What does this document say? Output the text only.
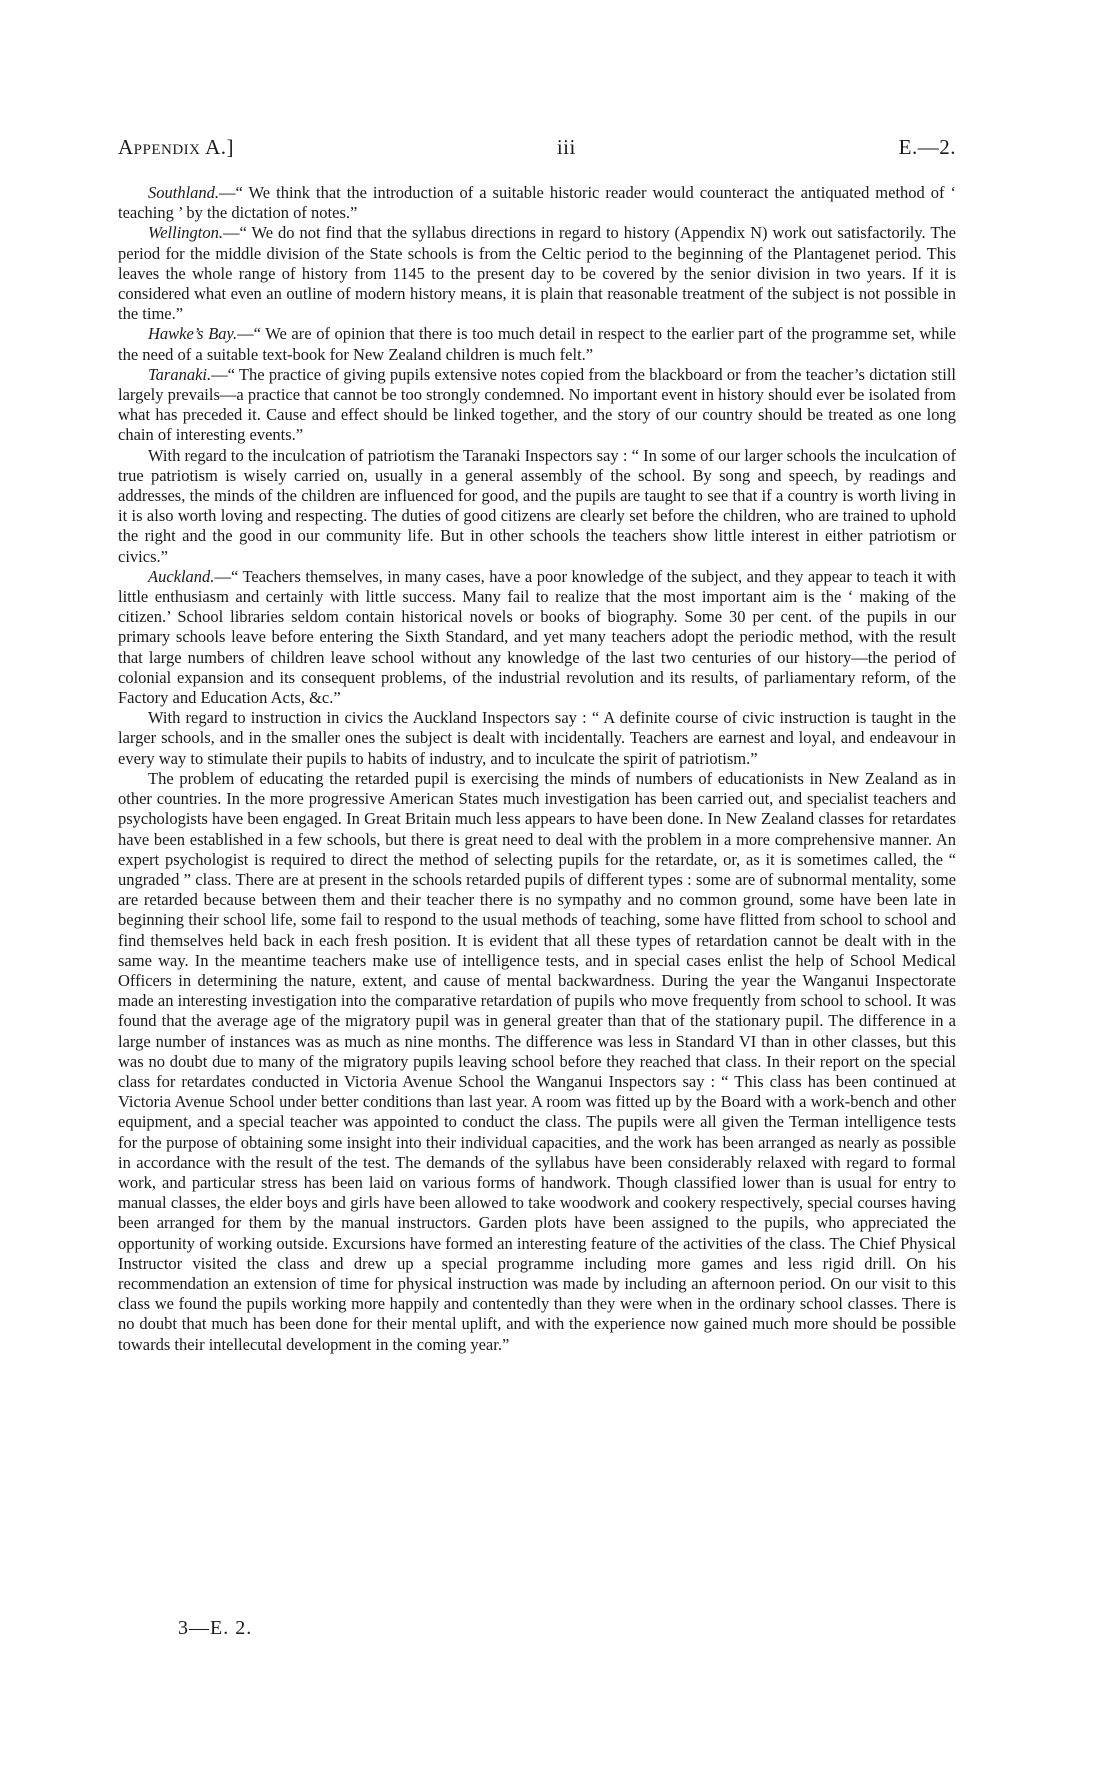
Appendix A.]	iii	E.—2.

Southland.—“ We think that the introduction of a suitable historic reader would counteract the antiquated method of ‘ teaching ’ by the dictation of notes.”

Wellington.—“ We do not find that the syllabus directions in regard to history (Appendix N) work out satisfactorily. The period for the middle division of the State schools is from the Celtic period to the beginning of the Plantagenet period. This leaves the whole range of history from 1145 to the present day to be covered by the senior division in two years. If it is considered what even an outline of modern history means, it is plain that reasonable treatment of the subject is not possible in the time.”

Hawke’s Bay.—“ We are of opinion that there is too much detail in respect to the earlier part of the programme set, while the need of a suitable text-book for New Zealand children is much felt.”

Taranaki.—“ The practice of giving pupils extensive notes copied from the blackboard or from the teacher’s dictation still largely prevails—a practice that cannot be too strongly condemned. No important event in history should ever be isolated from what has preceded it. Cause and effect should be linked together, and the story of our country should be treated as one long chain of interesting events.”

With regard to the inculcation of patriotism the Taranaki Inspectors say : “ In some of our larger schools the inculcation of true patriotism is wisely carried on, usually in a general assembly of the school. By song and speech, by readings and addresses, the minds of the children are influenced for good, and the pupils are taught to see that if a country is worth living in it is also worth loving and respecting. The duties of good citizens are clearly set before the children, who are trained to uphold the right and the good in our community life. But in other schools the teachers show little interest in either patriotism or civics.”

Auckland.—“ Teachers themselves, in many cases, have a poor knowledge of the subject, and they appear to teach it with little enthusiasm and certainly with little success. Many fail to realize that the most important aim is the ‘ making of the citizen.’ School libraries seldom contain historical novels or books of biography. Some 30 per cent. of the pupils in our primary schools leave before entering the Sixth Standard, and yet many teachers adopt the periodic method, with the result that large numbers of children leave school without any knowledge of the last two centuries of our history—the period of colonial expansion and its consequent problems, of the industrial revolution and its results, of parliamentary reform, of the Factory and Education Acts, &c.”

With regard to instruction in civics the Auckland Inspectors say : “ A definite course of civic instruction is taught in the larger schools, and in the smaller ones the subject is dealt with incidentally. Teachers are earnest and loyal, and endeavour in every way to stimulate their pupils to habits of industry, and to inculcate the spirit of patriotism.”

The problem of educating the retarded pupil is exercising the minds of numbers of educationists in New Zealand as in other countries. In the more progressive American States much investigation has been carried out, and specialist teachers and psychologists have been engaged. In Great Britain much less appears to have been done. In New Zealand classes for retardates have been established in a few schools, but there is great need to deal with the problem in a more comprehensive manner. An expert psychologist is required to direct the method of selecting pupils for the retardate, or, as it is sometimes called, the “ ungraded ” class. There are at present in the schools retarded pupils of different types : some are of subnormal mentality, some are retarded because between them and their teacher there is no sympathy and no common ground, some have been late in beginning their school life, some fail to respond to the usual methods of teaching, some have flitted from school to school and find themselves held back in each fresh position. It is evident that all these types of retardation cannot be dealt with in the same way. In the meantime teachers make use of intelligence tests, and in special cases enlist the help of School Medical Officers in determining the nature, extent, and cause of mental backwardness. During the year the Wanganui Inspectorate made an interesting investigation into the comparative retardation of pupils who move frequently from school to school. It was found that the average age of the migratory pupil was in general greater than that of the stationary pupil. The difference in a large number of instances was as much as nine months. The difference was less in Standard VI than in other classes, but this was no doubt due to many of the migratory pupils leaving school before they reached that class. In their report on the special class for retardates conducted in Victoria Avenue School the Wanganui Inspectors say : “ This class has been continued at Victoria Avenue School under better conditions than last year. A room was fitted up by the Board with a work-bench and other equipment, and a special teacher was appointed to conduct the class. The pupils were all given the Terman intelligence tests for the purpose of obtaining some insight into their individual capacities, and the work has been arranged as nearly as possible in accordance with the result of the test. The demands of the syllabus have been considerably relaxed with regard to formal work, and particular stress has been laid on various forms of handwork. Though classified lower than is usual for entry to manual classes, the elder boys and girls have been allowed to take woodwork and cookery respectively, special courses having been arranged for them by the manual instructors. Garden plots have been assigned to the pupils, who appreciated the opportunity of working outside. Excursions have formed an interesting feature of the activities of the class. The Chief Physical Instructor visited the class and drew up a special programme including more games and less rigid drill. On his recommendation an extension of time for physical instruction was made by including an afternoon period. On our visit to this class we found the pupils working more happily and contentedly than they were when in the ordinary school classes. There is no doubt that much has been done for their mental uplift, and with the experience now gained much more should be possible towards their intellecutal development in the coming year.”

3—E. 2.
